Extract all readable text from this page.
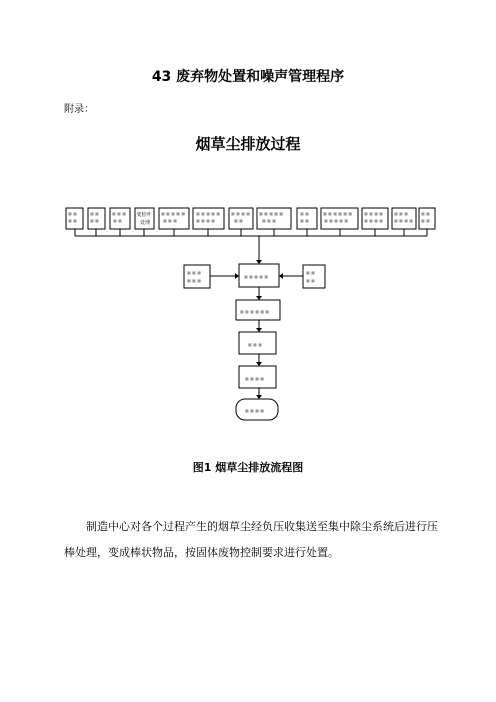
43 废弃物处置和噪声管理程序
附录：
烟草尘排放过程
■ ■
■ ■
■ ■
■ ■
■ ■ ■
■ ■
■ ■ ■ ■ ■
■ ■ ■
■ ■ ■ ■ ■
■ ■ ■ ■
■ ■ ■ ■
■ ■
■ ■ ■ ■ ■
■ ■ ■
■ ■
■ ■
■ ■ ■ ■ ■ ■
■ ■ ■ ■ ■
■ ■ ■ ■
■ ■ ■ ■
■ ■ ■
■ ■ ■ ■
■ ■
■ ■
■ ■ ■
■ ■ ■
■ ■ ■ ■ ■
■ ■
■ ■
■ ■ ■ ■ ■ ■
■ ■ ■
■ ■ ■ ■
■ ■ ■ ■
变松叶
处理
图1 烟草尘排放流程图
制造中心对各个过程产生的烟草尘经负压收集送至集中除尘系统后进行压棒处理，变成棒状物品，按固体废物控制要求进行处置。
